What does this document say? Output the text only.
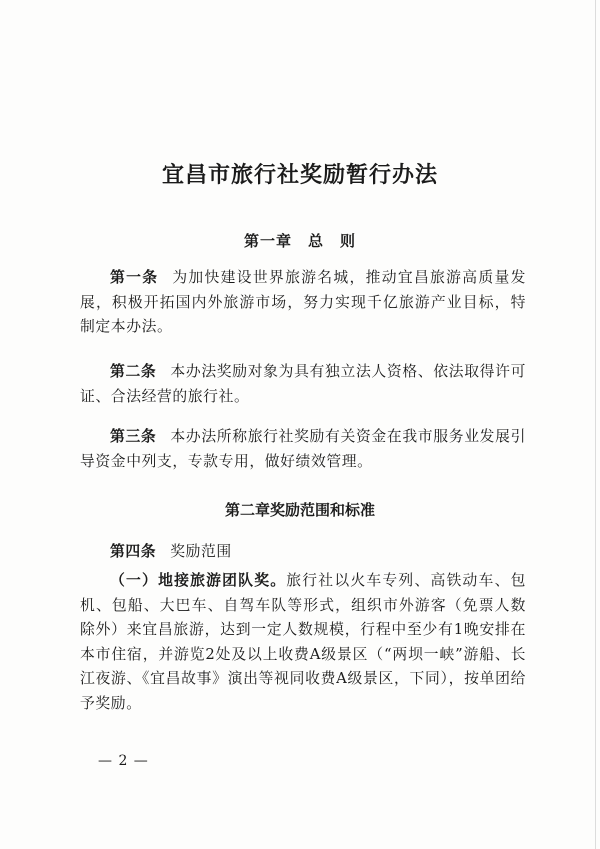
宜昌市旅行社奖励暂行办法
第一章　总　则
第一条 为加快建设世界旅游名城，推动宜昌旅游高质量发展，积极开拓国内外旅游市场，努力实现千亿旅游产业目标，特制定本办法。
第二条 本办法奖励对象为具有独立法人资格、依法取得许可证、合法经营的旅行社。
第三条 本办法所称旅行社奖励有关资金在我市服务业发展引导资金中列支，专款专用，做好绩效管理。
第二章奖励范围和标准
第四条 奖励范围
（一）地接旅游团队奖。旅行社以火车专列、高铁动车、包机、包船、大巴车、自驾车队等形式，组织市外游客（免票人数除外）来宜昌旅游，达到一定人数规模，行程中至少有1晚安排在本市住宿，并游览2处及以上收费A级景区（“两坝一峡”游船、长江夜游、《宜昌故事》演出等视同收费A级景区，下同），按单团给予奖励。
— 2 —
